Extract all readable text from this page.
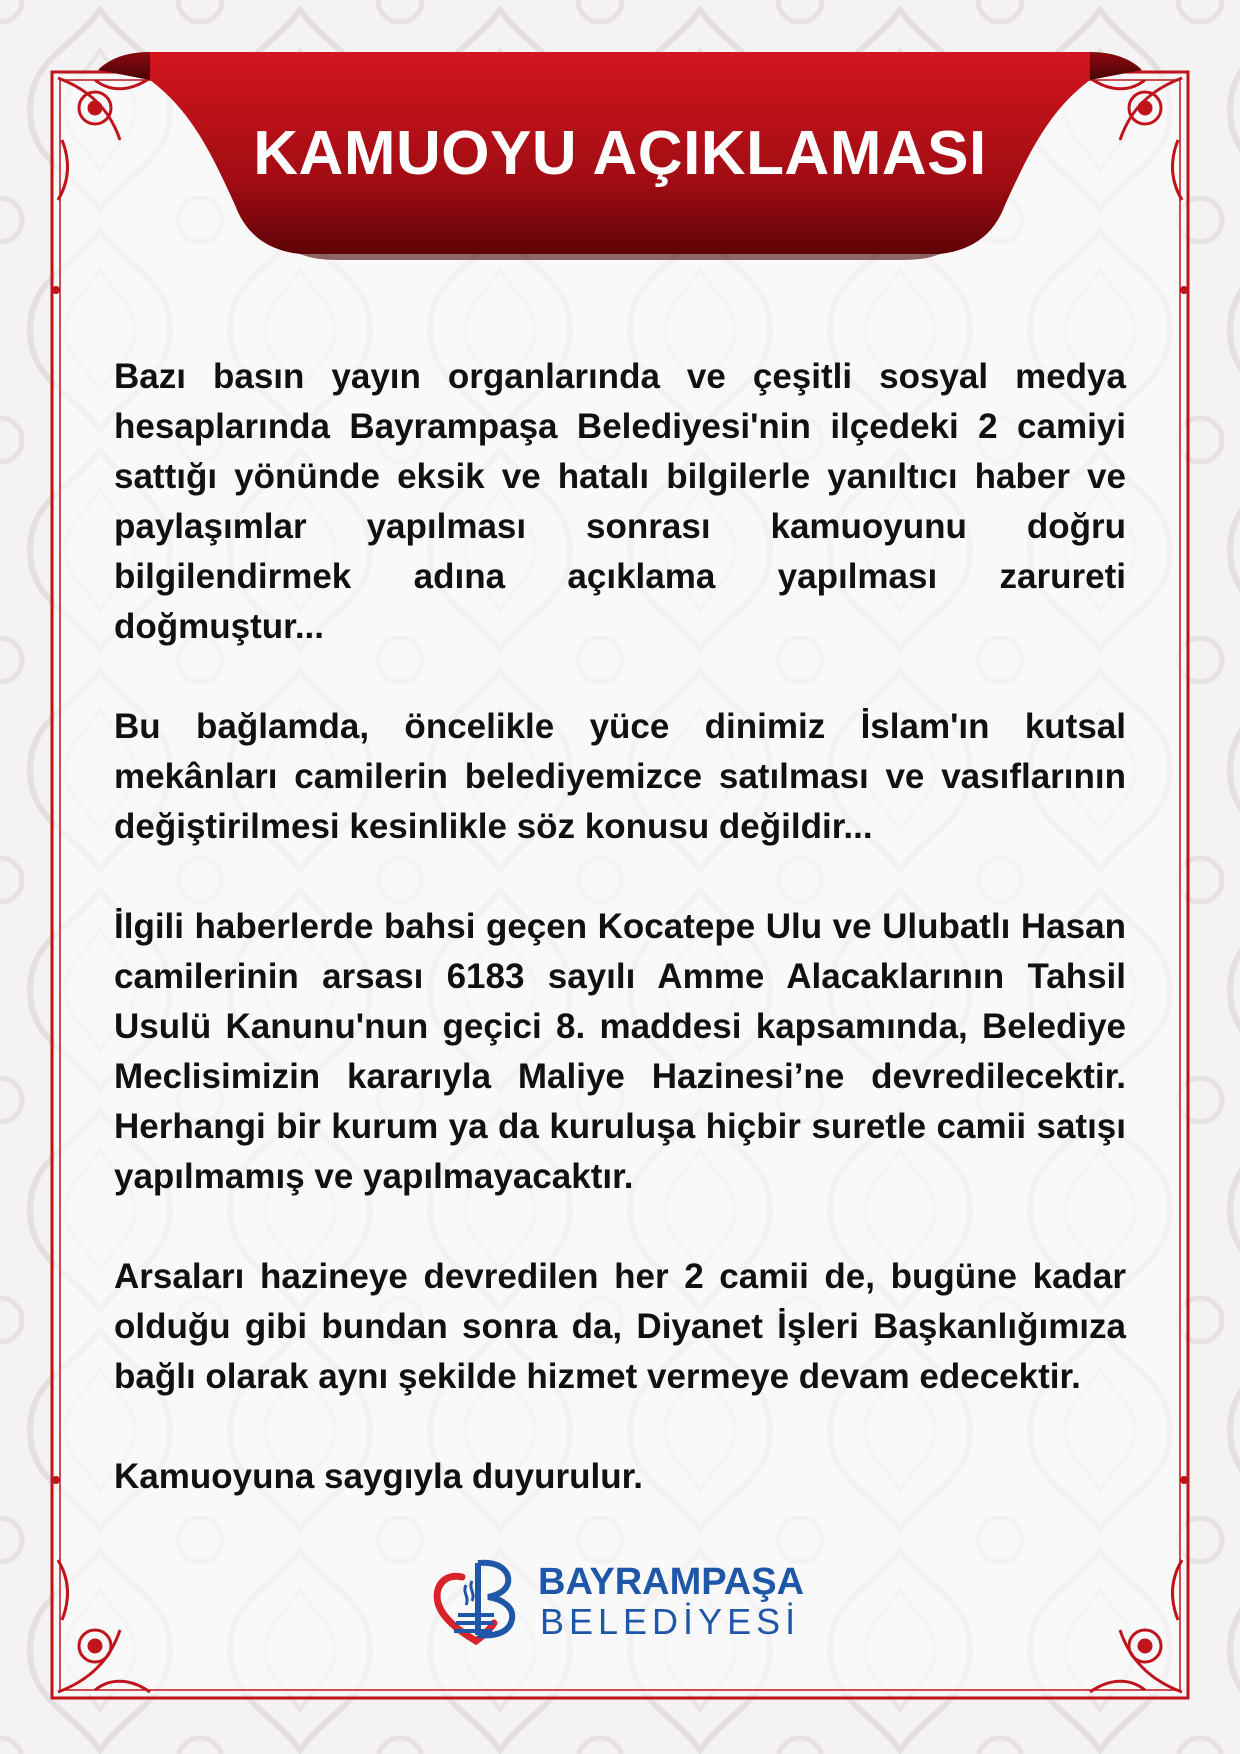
KAMUOYU AÇIKLAMASI

Bazı basın yayın organlarında ve çeşitli sosyal medya hesaplarında Bayrampaşa Belediyesi'nin ilçedeki 2 camiyi sattığı yönünde eksik ve hatalı bilgilerle yanıltıcı haber ve paylaşımlar yapılması sonrası kamuoyunu doğru bilgilendirmek adına açıklama yapılması zarureti doğmuştur...

Bu bağlamda, öncelikle yüce dinimiz İslam'ın kutsal mekânları camilerin belediyemizce satılması ve vasıflarının değiştirilmesi kesinlikle söz konusu değildir...

İlgili haberlerde bahsi geçen Kocatepe Ulu ve Ulubatlı Hasan camilerinin arsası 6183 sayılı Amme Alacaklarının Tahsil Usulü Kanunu'nun geçici 8. maddesi kapsamında, Belediye Meclisimizin kararıyla Maliye Hazinesi’ne devredilecektir. Herhangi bir kurum ya da kuruluşa hiçbir suretle camii satışı yapılmamış ve yapılmayacaktır.

Arsaları hazineye devredilen her 2 camii de, bugüne kadar olduğu gibi bundan sonra da, Diyanet İşleri Başkanlığımıza bağlı olarak aynı şekilde hizmet vermeye devam edecektir.

Kamuoyuna saygıyla duyurulur.

BAYRAMPAŞA
BELEDİYESİ
